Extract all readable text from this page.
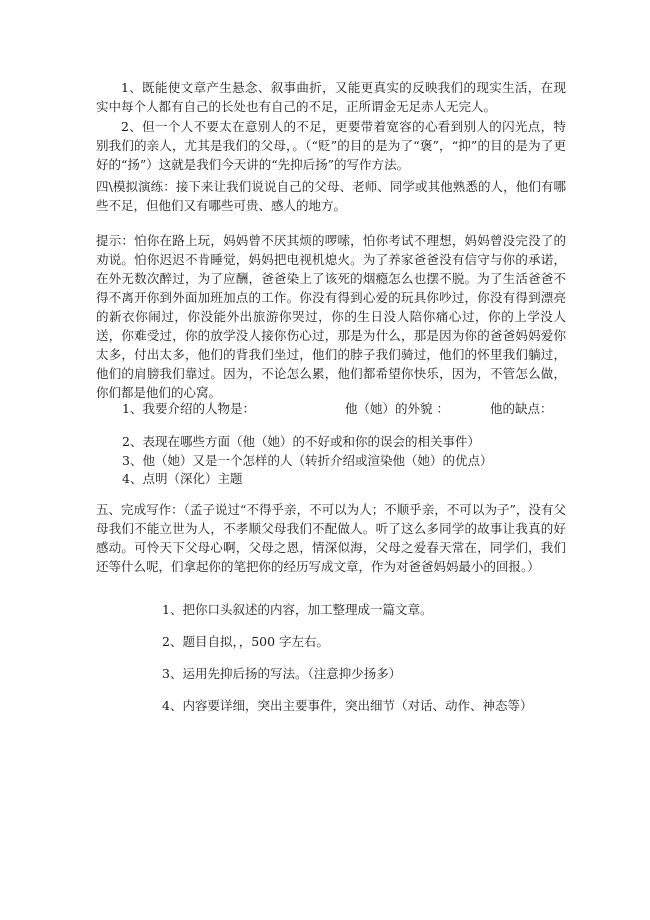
1、既能使文章产生悬念、叙事曲折，又能更真实的反映我们的现实生活，在现实中每个人都有自己的长处也有自己的不足，正所谓金无足赤人无完人。

2、但一个人不要太在意别人的不足，更要带着宽容的心看到别人的闪光点，特别我们的亲人，尤其是我们的父母，。（“贬”的目的是为了“褒”，“抑”的目的是为了更好的“扬”）这就是我们今天讲的“先抑后扬”的写作方法。

四\模拟演练：接下来让我们说说自己的父母、老师、同学或其他熟悉的人，他们有哪些不足，但他们又有哪些可贵、感人的地方。

提示：怕你在路上玩，妈妈曾不厌其烦的啰嗦，怕你考试不理想，妈妈曾没完没了的劝说。怕你迟迟不肯睡觉，妈妈把电视机熄火。为了养家爸爸没有信守与你的承诺，在外无数次醉过，为了应酬，爸爸染上了该死的烟瘾怎么也摆不脱。为了生活爸爸不得不离开你到外面加班加点的工作。你没有得到心爱的玩具你吵过，你没有得到漂亮的新衣你闹过，你没能外出旅游你哭过，你的生日没人陪你痛心过，你的上学没人送，你难受过，你的放学没人接你伤心过，那是为什么，那是因为你的爸爸妈妈爱你太多，付出太多，他们的背我们坐过，他们的脖子我们骑过，他们的怀里我们躺过，他们的肩膀我们靠过。因为，不论怎么累，他们都希望你快乐，因为，不管怎么做，你们都是他们的心窝。

1、我要介绍的人物是：	他（她）的外貌 ：	他的缺点：
2、表现在哪些方面（他（她）的不好或和你的误会的相关事件）
3、他（她）又是一个怎样的人（转折介绍或渲染他（她）的优点）
4、点明（深化）主题

五、完成写作：（孟子说过“不得乎亲，不可以为人；不顺乎亲，不可以为子”，没有父母我们不能立世为人，不孝顺父母我们不配做人。听了这么多同学的故事让我真的好感动。可怜天下父母心啊，父母之恩，情深似海，父母之爱春天常在，同学们，我们还等什么呢，们拿起你的笔把你的经历写成文章，作为对爸爸妈妈最小的回报。）

1、把你口头叙述的内容，加工整理成一篇文章。
2、题目自拟，，500 字左右。
3、运用先抑后扬的写法。（注意抑少扬多）
4、内容要详细，突出主要事件，突出细节（对话、动作、神态等）
